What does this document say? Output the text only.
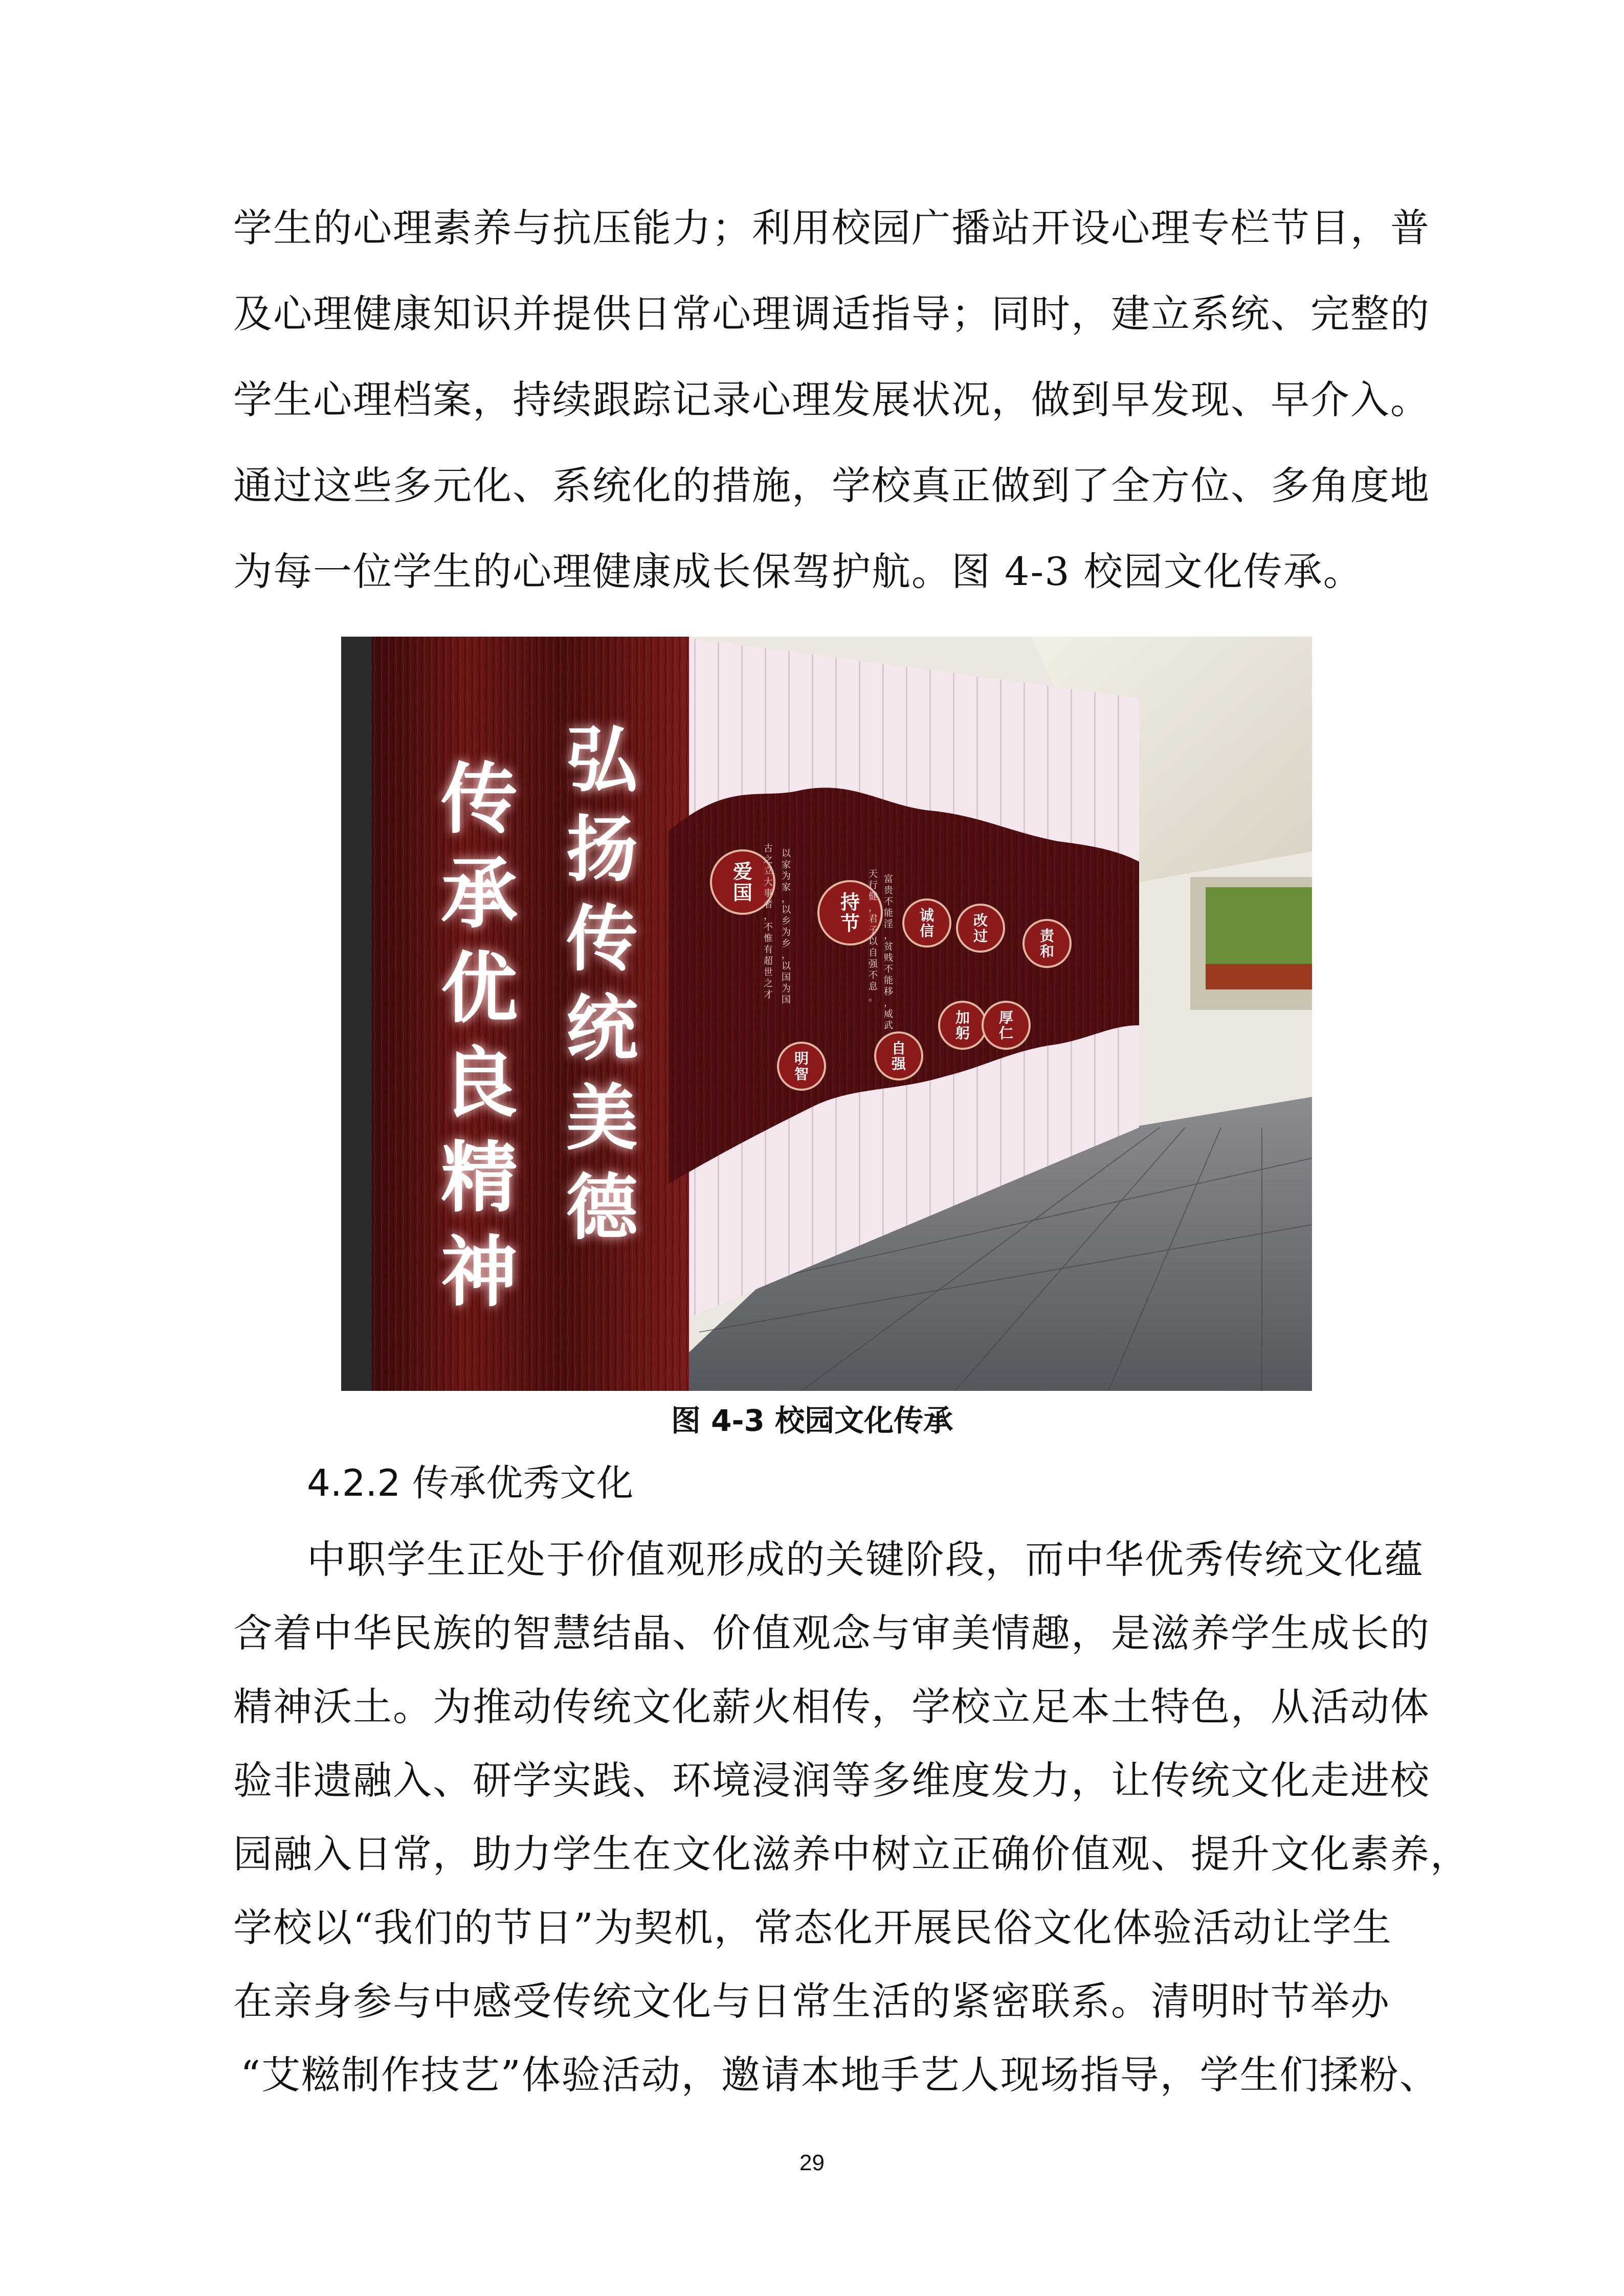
学生的心理素养与抗压能力；利用校园广播站开设心理专栏节目，普
及心理健康知识并提供日常心理调适指导；同时，建立系统、完整的
学生心理档案，持续跟踪记录心理发展状况，做到早发现、早介入。
通过这些多元化、系统化的措施，学校真正做到了全方位、多角度地
为每一位学生的心理健康成长保驾护航。图 4-3 校园文化传承。
传承优良精神
弘扬传统美德
爱国
明智
持节
自强
诚信
加躬
改过
厚仁
责和
古之立大事者，不惟有超世之才
以家为家，以乡为乡，以国为国
天行健，君子以自强不息。
富贵不能淫，贫贱不能移，威武
图 4-3 校园文化传承
4.2.2 传承优秀文化
中职学生正处于价值观形成的关键阶段，而中华优秀传统文化蕴
含着中华民族的智慧结晶、价值观念与审美情趣，是滋养学生成长的
精神沃土。为推动传统文化薪火相传，学校立足本土特色，从活动体
验非遗融入、研学实践、环境浸润等多维度发力，让传统文化走进校
园融入日常，助力学生在文化滋养中树立正确价值观、提升文化素养，
学校以“我们的节日”为契机，常态化开展民俗文化体验活动让学生
在亲身参与中感受传统文化与日常生活的紧密联系。清明时节举办
“艾糍制作技艺”体验活动，邀请本地手艺人现场指导，学生们揉粉、
29
